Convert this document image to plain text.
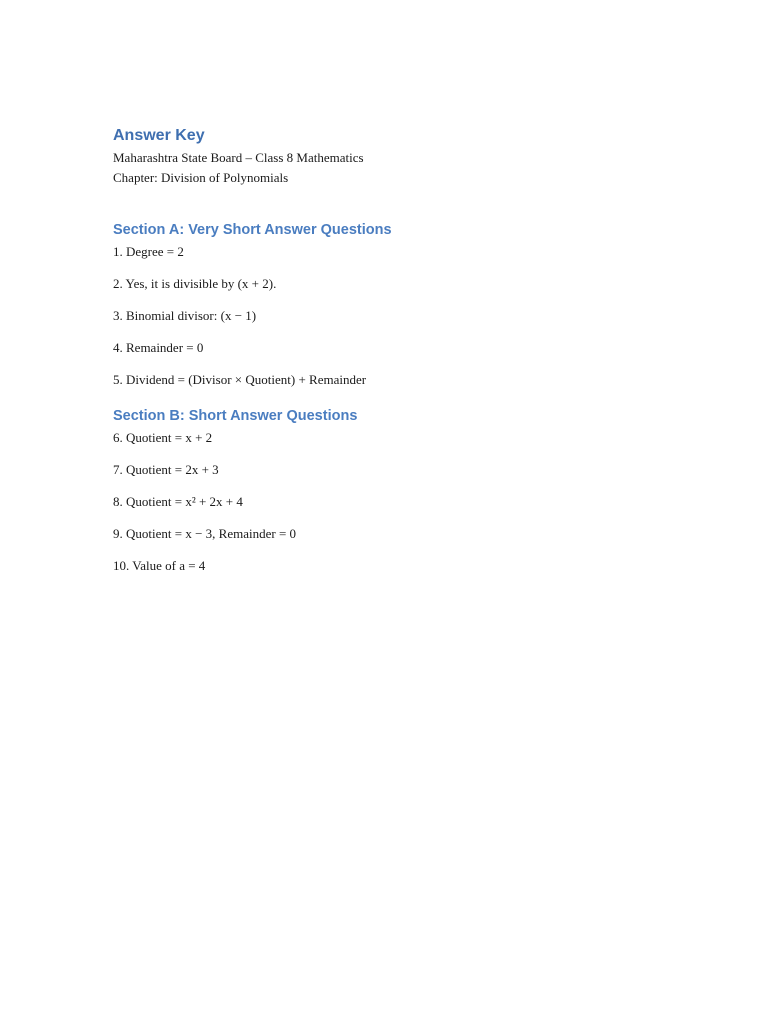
Answer Key

Maharashtra State Board – Class 8 Mathematics

Chapter: Division of Polynomials

Section A: Very Short Answer Questions
1. Degree = 2
2. Yes, it is divisible by (x + 2).
3. Binomial divisor: (x − 1)
4. Remainder = 0
5. Dividend = (Divisor × Quotient) + Remainder
Section B: Short Answer Questions
6. Quotient = x + 2
7. Quotient = 2x + 3
8. Quotient = x² + 2x + 4
9. Quotient = x − 3, Remainder = 0
10. Value of a = 4
